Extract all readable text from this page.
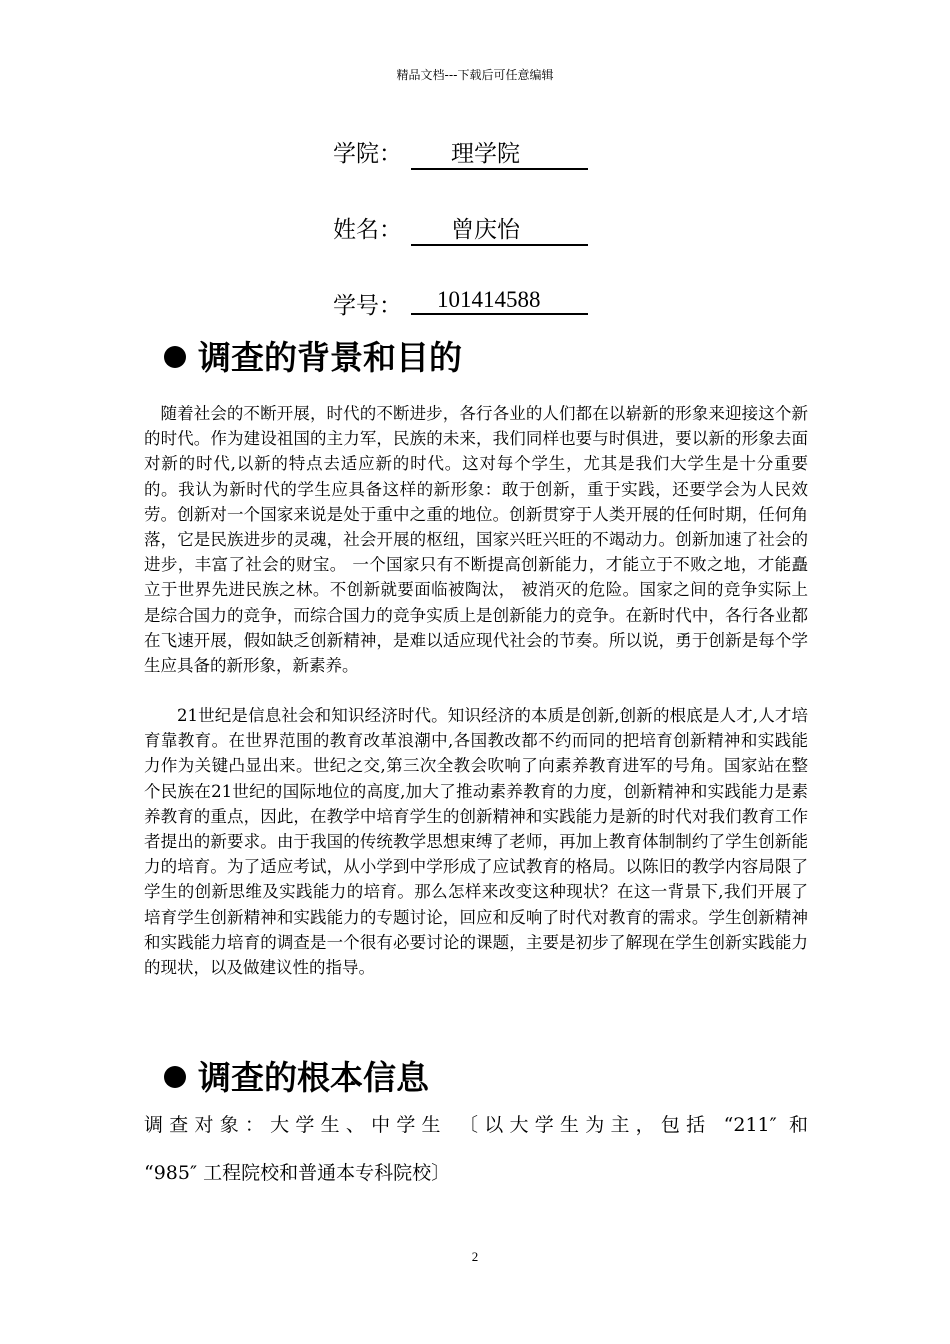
精品文档---下载后可任意编辑
学院：	理学院
姓名：	曾庆怡
学号：	101414588
调查的背景和目的
随着社会的不断开展，时代的不断进步，各行各业的人们都在以崭新的形象来迎接这个新的时代。作为建设祖国的主力军，民族的未来，我们同样也要与时俱进，要以新的形象去面对新的时代,以新的特点去适应新的时代。这对每个学生，尤其是我们大学生是十分重要的。我认为新时代的学生应具备这样的新形象：敢于创新，重于实践，还要学会为人民效劳。创新对一个国家来说是处于重中之重的地位。创新贯穿于人类开展的任何时期，任何角落，它是民族进步的灵魂，社会开展的枢纽，国家兴旺兴旺的不竭动力。创新加速了社会的进步，丰富了社会的财宝。 一个国家只有不断提高创新能力，才能立于不败之地，才能矗立于世界先进民族之林。不创新就要面临被陶汰， 被消灭的危险。国家之间的竞争实际上是综合国力的竞争，而综合国力的竞争实质上是创新能力的竞争。在新时代中，各行各业都在飞速开展，假如缺乏创新精神，是难以适应现代社会的节奏。所以说，勇于创新是每个学生应具备的新形象，新素养。
21世纪是信息社会和知识经济时代。知识经济的本质是创新,创新的根底是人才,人才培育靠教育。在世界范围的教育改革浪潮中,各国教改都不约而同的把培育创新精神和实践能力作为关键凸显出来。世纪之交,第三次全教会吹响了向素养教育进军的号角。国家站在整个民族在21世纪的国际地位的高度,加大了推动素养教育的力度，创新精神和实践能力是素养教育的重点，因此，在教学中培育学生的创新精神和实践能力是新的时代对我们教育工作者提出的新要求。由于我国的传统教学思想束缚了老师，再加上教育体制制约了学生创新能力的培育。为了适应考试，从小学到中学形成了应试教育的格局。以陈旧的教学内容局限了学生的创新思维及实践能力的培育。那么怎样来改变这种现状？在这一背景下,我们开展了培育学生创新精神和实践能力的专题讨论，回应和反响了时代对教育的需求。学生创新精神和实践能力培育的调查是一个很有必要讨论的课题，主要是初步了解现在学生创新实践能力的现状，以及做建议性的指导。
调查的根本信息
调查对象：大学生、中学生 〔以大学生为主，包括 “211″ 和
“985″ 工程院校和普通本专科院校〕
2
